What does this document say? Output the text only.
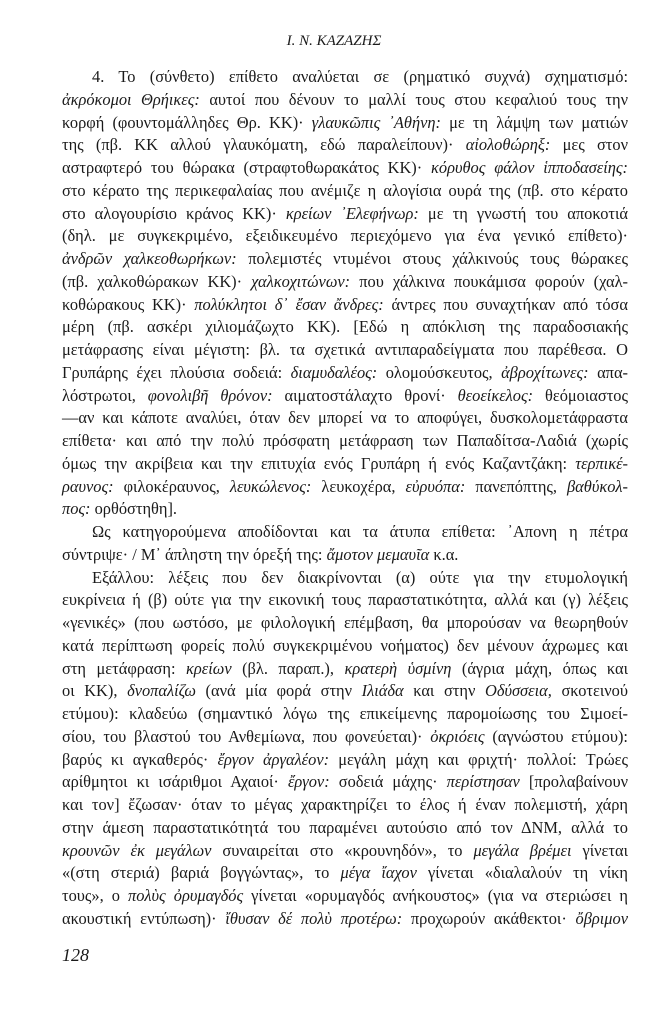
Ι. Ν. ΚΑΖΑΖΗΣ
4. Το (σύνθετο) επίθετο αναλύεται σε (ρηματικό συχνά) σχηματισμό:
ἀκρόκομοι Θρήικες: αυτοί που δένουν το μαλλί τους στου κεφαλιού τους την
κορφή (φουντομάλληδες Θρ. ΚΚ)· γλαυκῶπις ᾿Αθήνη: με τη λάμψη των ματιών
της (πβ. ΚΚ αλλού γλαυκόματη, εδώ παραλείπουν)· αἰολοθώρηξ: μες στον
αστραφτερό του θώρακα (στραφτοθωρακάτος ΚΚ)· κόρυθος φάλον ἱπποδασείης:
στο κέρατο της περικεφαλαίας που ανέμιζε η αλογίσια ουρά της (πβ. στο κέρατο
στο αλογουρίσιο κράνος ΚΚ)· κρείων ᾿Ελεφήνωρ: με τη γνωστή του αποκοτιά
(δηλ. με συγκεκριμένο, εξειδικευμένο περιεχόμενο για ένα γενικό επίθετο)·
ἀνδρῶν χαλκεοθωρήκων: πολεμιστές ντυμένοι στους χάλκινούς τους θώρακες
(πβ. χαλκοθώρακων ΚΚ)· χαλκοχιτώνων: που χάλκινα πουκάμισα φορούν (χαλ-
κοθώρακους ΚΚ)· πολύκλητοι δ᾿ ἔσαν ἄνδρες: άντρες που συναχτήκαν από τόσα
μέρη (πβ. ασκέρι χιλιομάζωχτο ΚΚ). [Εδώ η απόκλιση της παραδοσιακής
μετάφρασης είναι μέγιστη: βλ. τα σχετικά αντιπαραδείγματα που παρέθεσα. Ο
Γρυπάρης έχει πλούσια σοδειά: διαμυδαλέος: ολομούσκευτος, ἀβροχίτωνες: απα-
λόστρωτοι, φονολιβῆ θρόνον: αιματοστάλαχτο θρονί· θεοείκελος: θεόμοιαστος
—αν και κάποτε αναλύει, όταν δεν μπορεί να το αποφύγει, δυσκολομετάφραστα
επίθετα· και από την πολύ πρόσφατη μετάφραση των Παπαδίτσα-Λαδιά (χωρίς
όμως την ακρίβεια και την επιτυχία ενός Γρυπάρη ή ενός Καζαντζάκη: τερπικέ-
ραυνος: φιλοκέραυνος, λευκώλενος: λευκοχέρα, εὐρυόπα: πανεπόπτης, βαθύκολ-
πος: ορθόστηθη].
Ως κατηγορούμενα αποδίδονται και τα άτυπα επίθετα: ᾿Απονη η πέτρα
σύντριψε· / Μ᾿ άπληστη την όρεξή της: ἄμοτον μεμαυῖα κ.α.
Εξάλλου: λέξεις που δεν διακρίνονται (α) ούτε για την ετυμολογική
ευκρίνεια ή (β) ούτε για την εικονική τους παραστατικότητα, αλλά και (γ) λέξεις
«γενικές» (που ωστόσο, με φιλολογική επέμβαση, θα μπορούσαν να θεωρηθούν
κατά περίπτωση φορείς πολύ συγκεκριμένου νοήματος) δεν μένουν άχρωμες και
στη μετάφραση: κρείων (βλ. παραπ.), κρατερὴ ὑσμίνη (άγρια μάχη, όπως και
οι ΚΚ), δνοπαλίζω (ανά μία φορά στην Ιλιάδα και στην Οδύσσεια, σκοτεινού
ετύμου): κλαδεύω (σημαντικό λόγω της επικείμενης παρομοίωσης του Σιμοεί-
σίου, του βλαστού του Ανθεμίωνα, που φονεύεται)· ὀκριόεις (αγνώστου ετύμου):
βαρύς κι αγκαθερός· ἔργον ἀργαλέον: μεγάλη μάχη και φριχτή· πολλοί: Τρώες
αρίθμητοι κι ισάριθμοι Αχαιοί· ἔργον: σοδειά μάχης· περίστησαν [προλαβαίνουν
και τον] ἔζωσαν· όταν το μέγας χαρακτηρίζει το έλος ή έναν πολεμιστή, χάρη
στην άμεση παραστατικότητά του παραμένει αυτούσιο από τον ΔΝΜ, αλλά το
κρουνῶν ἐκ μεγάλων συναιρείται στο «κρουνηδόν», το μεγάλα βρέμει γίνεται
«(στη στεριά) βαριά βογγώντας», το μέγα ἴαχον γίνεται «διαλαλούν τη νίκη
τους», ο πολὺς ὀρυμαγδός γίνεται «ορυμαγδός ανήκουστος» (για να στεριώσει η
ακουστική εντύπωση)· ἴθυσαν δέ πολὺ προτέρω: προχωρούν ακάθεκτοι· ὄβριμον
128
